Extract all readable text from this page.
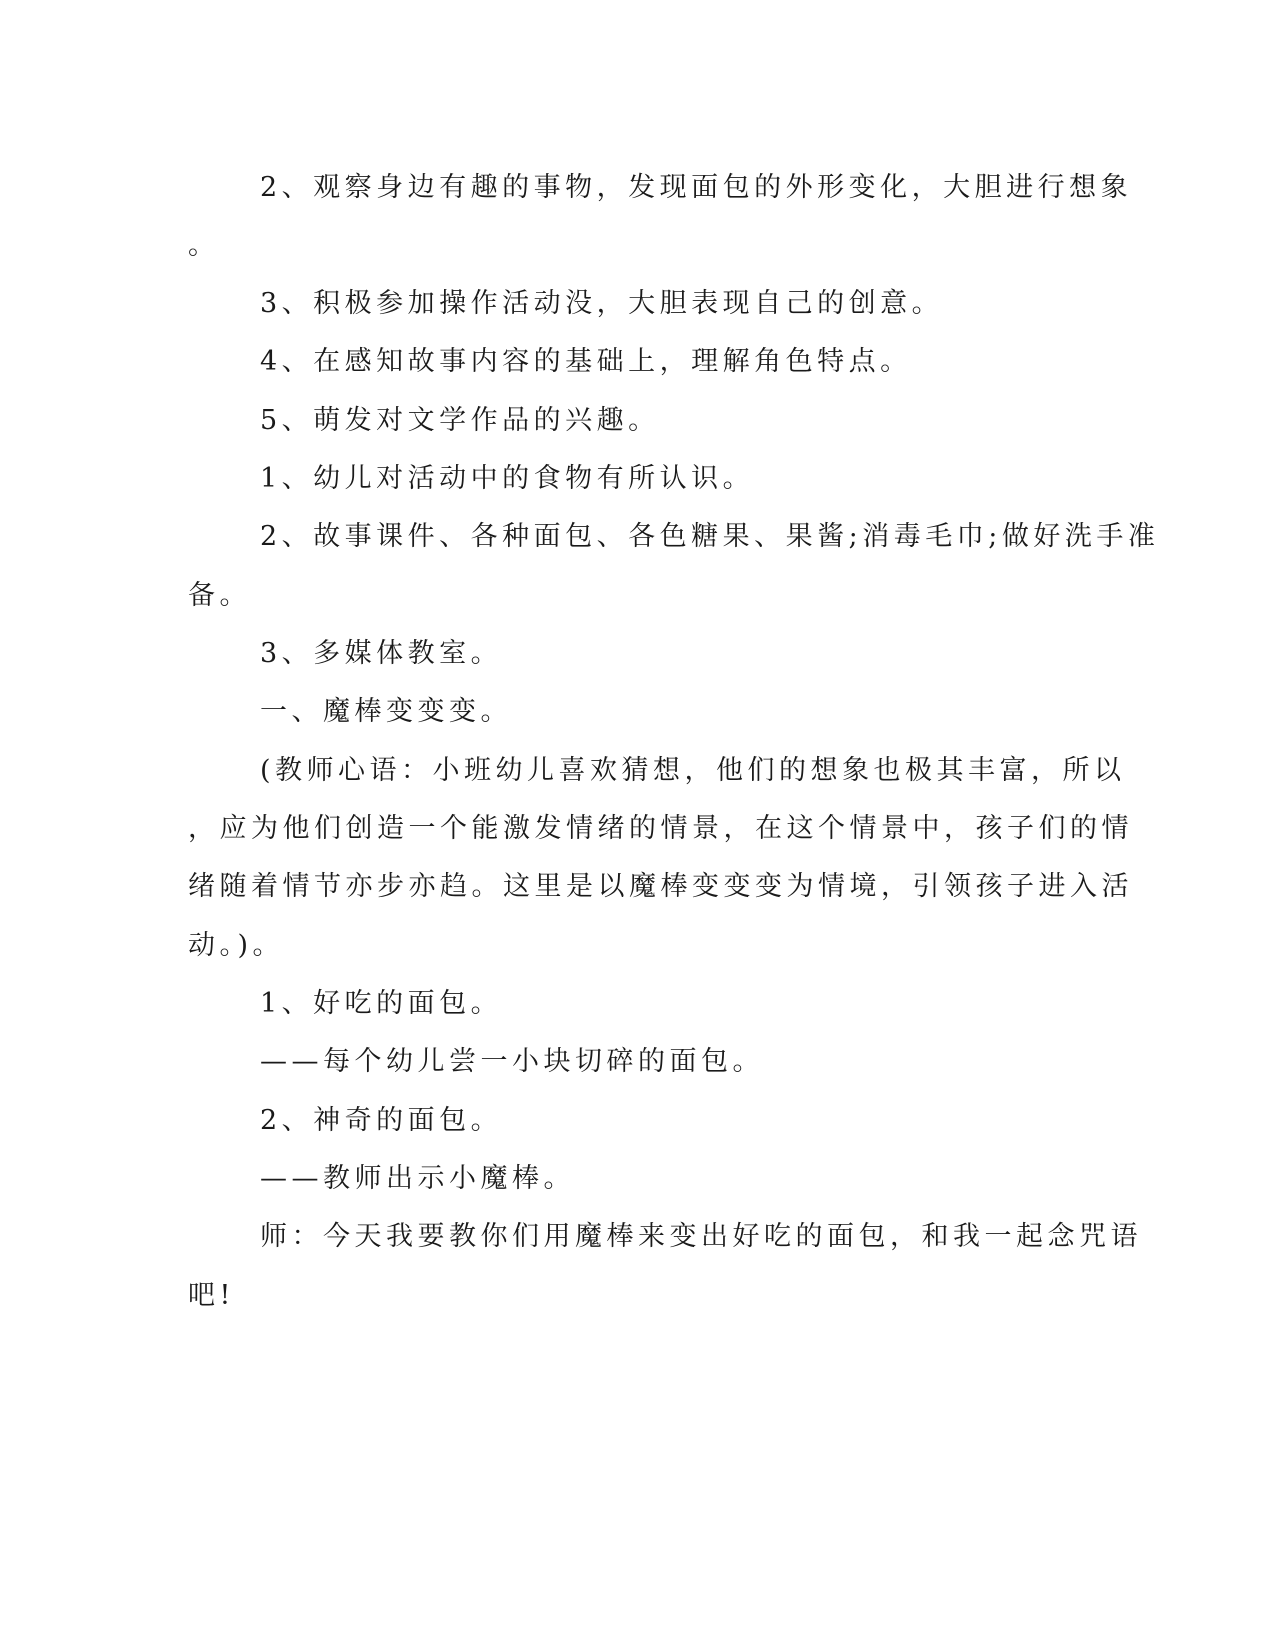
2、观察身边有趣的事物，发现面包的外形变化，大胆进行想象
。
3、积极参加操作活动没，大胆表现自己的创意。
4、在感知故事内容的基础上，理解角色特点。
5、萌发对文学作品的兴趣。
1、幼儿对活动中的食物有所认识。
2、故事课件、各种面包、各色糖果、果酱;消毒毛巾;做好洗手准
备。
3、多媒体教室。
一、魔棒变变变。
(教师心语：小班幼儿喜欢猜想，他们的想象也极其丰富，所以
，应为他们创造一个能激发情绪的情景，在这个情景中，孩子们的情
绪随着情节亦步亦趋。这里是以魔棒变变变为情境，引领孩子进入活
动。)。
1、好吃的面包。
——每个幼儿尝一小块切碎的面包。
2、神奇的面包。
——教师出示小魔棒。
师：今天我要教你们用魔棒来变出好吃的面包，和我一起念咒语
吧!
